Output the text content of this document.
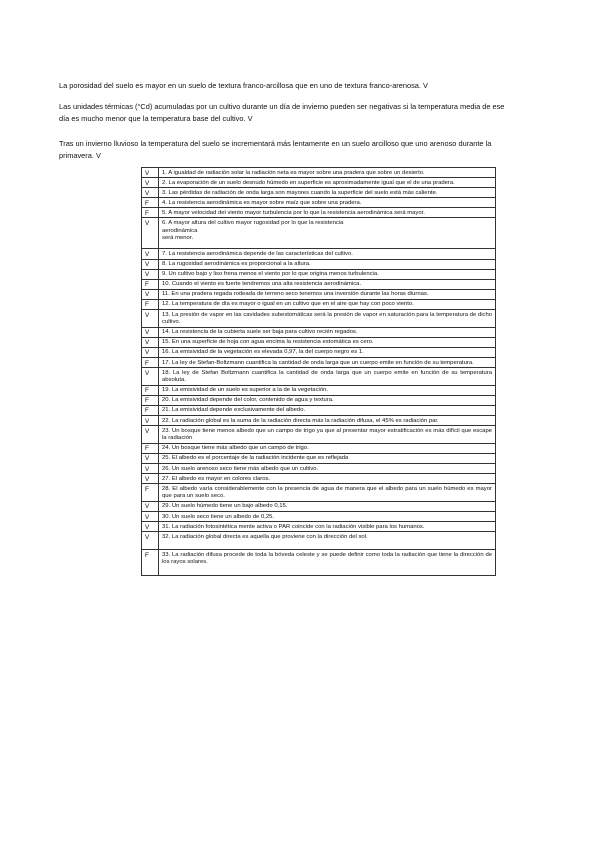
La porosidad del suelo es mayor en un suelo de textura franco-arcillosa que en uno de textura franco-arenosa. V

Las unidades térmicas (°Cd) acumuladas por un cultivo durante un día de invierno pueden ser negativas si la temperatura media de ese día es mucho menor que la temperatura base del cultivo. V

Tras un invierno lluvioso la temperatura del suelo se incrementará más lentamente en un suelo arcilloso que uno arenoso durante la primavera. V

V	1. A igualdad de radiación solar la radiación neta es mayor sobre una pradera que sobre un desierto.
V	2. La evaporación de un suelo desnudo húmedo en superficie es aproximadamente igual que el de una pradera.
V	3. Las pérdidas de radiación de onda larga son mayores cuando la superficie del suelo está más caliente.
F	4. La resistencia aerodinámica es mayor sobre maíz que sobre una pradera.
F	5. A mayor velocidad del viento mayor turbulencia por lo que la resistencia aerodinámica será mayor.
V	6. A mayor altura del cultivo mayor rugosidad por lo que la resistencia
aerodinámica
será menor.
V	7. La resistencia aerodinámica depende de las características del cultivo.
V	8. La rugosidad aerodinámica es proporcional a la altura.
V	9. Un cultivo bajo y liso frena menos el viento por lo que origina menos turbulencia.
F	10. Cuando el viento es fuerte tendremos una alta resistencia aerodinámica.
V	11. En una pradera regada rodeada de terreno seco tenemos una inversión durante las horas diurnas.
F	12. La temperatura de día es mayor o igual en un cultivo que en el aire que hay con poco viento.
V	13. La presión de vapor en las cavidades subestomáticas será la presión de vapor en saturación para la temperatura de dicho cultivo.
V	14. La resistencia de la cubierta suele ser baja para cultivo recién regados.
V	15. En una superficie de hoja con agua encima la resistencia estomática es cero.
V	16. La emisividad de la vegetación es elevada 0,97, la del cuerpo negro es 1.
F	17. La ley de Stefan-Boltzmann cuantifica la cantidad de onda larga que un cuerpo emite en función de su temperatura.
V	18. La ley de Stefan Boltzmann cuantifica la cantidad de onda larga que un cuerpo emite en función de su temperatura absoluta.
F	19. La emisividad de un suelo es superior a la de la vegetación.
F	20. La emisividad depende del color, contenido de agua y textura.
F	21. La emisividad depende exclusivamente del albedo.
V	22. La radiación global es la suma de la radiación directa más la radiación difusa, el 45% es radiación par.
V	23. Un bosque tiene menos albedo que un campo de trigo ya que al presentar mayor estratificación es más difícil que escape la radiación
F	24. Un bosque tiene más albedo que un campo de trigo.
V	25. El albedo es el porcentaje de la radiación incidente que es reflejada
V	26. Un suelo arenoso seco tiene más albedo que un cultivo.
V	27. El albedo es mayor en colores claros.
F	28. El albedo varía considerablemente con la presencia de agua de manera que el albedo para un suelo húmedo es mayor que para un suelo seco.
V	29. Un suelo húmedo tiene un bajo albedo 0,15.
V	30. Un suelo seco tiene un albedo de 0,25.
V	31. La radiación fotosintética mente activa o PAR coincide con la radiación visible para los humanos.
V	32. La radiación global directa es aquella que proviene con la dirección del sol.
F	33. La radiación difusa procede de toda la bóveda celeste y se puede definir como toda la radiación que tiene la dirección de los rayos solares.
